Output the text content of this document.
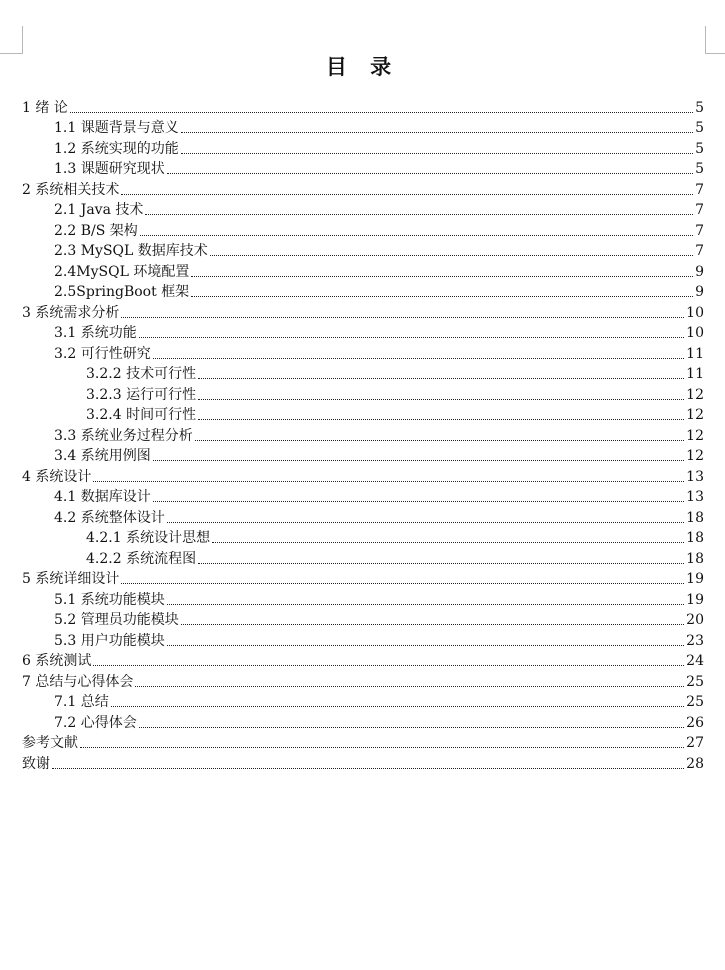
目 录
1 绪 论	5
1.1 课题背景与意义	5
1.2 系统实现的功能	5
1.3 课题研究现状	5
2 系统相关技术	7
2.1 Java 技术	7
2.2 B/S 架构	7
2.3 MySQL 数据库技术	7
2.4MySQL 环境配置	9
2.5SpringBoot 框架	9
3 系统需求分析	10
3.1 系统功能	10
3.2 可行性研究	11
3.2.2 技术可行性	11
3.2.3 运行可行性	12
3.2.4 时间可行性	12
3.3 系统业务过程分析	12
3.4 系统用例图	12
4 系统设计	13
4.1 数据库设计	13
4.2 系统整体设计	18
4.2.1 系统设计思想	18
4.2.2 系统流程图	18
5 系统详细设计	19
5.1 系统功能模块	19
5.2 管理员功能模块	20
5.3 用户功能模块	23
6 系统测试	24
7 总结与心得体会	25
7.1 总结	25
7.2 心得体会	26
参考文献	27
致谢	28
